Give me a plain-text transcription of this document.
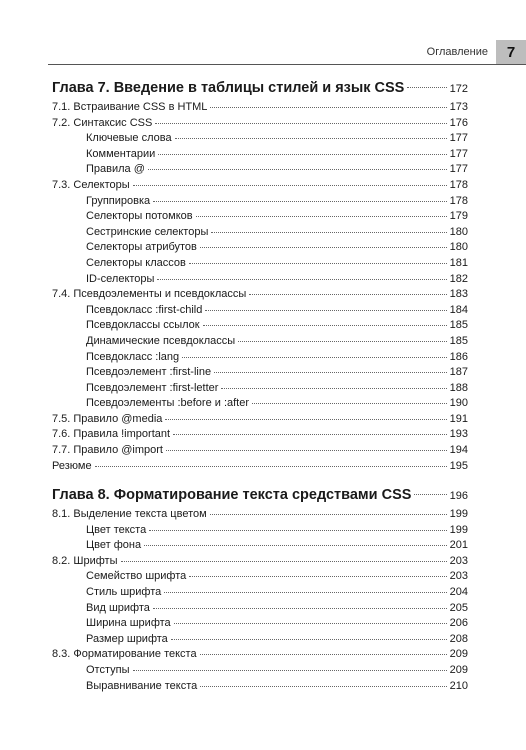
Оглавление	7
Глава 7. Введение в таблицы стилей и язык CSS	172
7.1. Встраивание CSS в HTML	173
7.2. Синтаксис CSS	176
Ключевые слова	177
Комментарии	177
Правила @	177
7.3. Селекторы	178
Группировка	178
Селекторы потомков	179
Сестринские селекторы	180
Селекторы атрибутов	180
Селекторы классов	181
ID-селекторы	182
7.4. Псевдоэлементы и псевдоклассы	183
Псевдокласс :first-child	184
Псевдоклассы ссылок	185
Динамические псевдоклассы	185
Псевдокласс :lang	186
Псевдоэлемент :first-line	187
Псевдоэлемент :first-letter	188
Псевдоэлементы :before и :after	190
7.5. Правило @media	191
7.6. Правила !important	193
7.7. Правило @import	194
Резюме	195
Глава 8. Форматирование текста средствами CSS	196
8.1. Выделение текста цветом	199
Цвет текста	199
Цвет фона	201
8.2. Шрифты	203
Семейство шрифта	203
Стиль шрифта	204
Вид шрифта	205
Ширина шрифта	206
Размер шрифта	208
8.3. Форматирование текста	209
Отступы	209
Выравнивание текста	210
